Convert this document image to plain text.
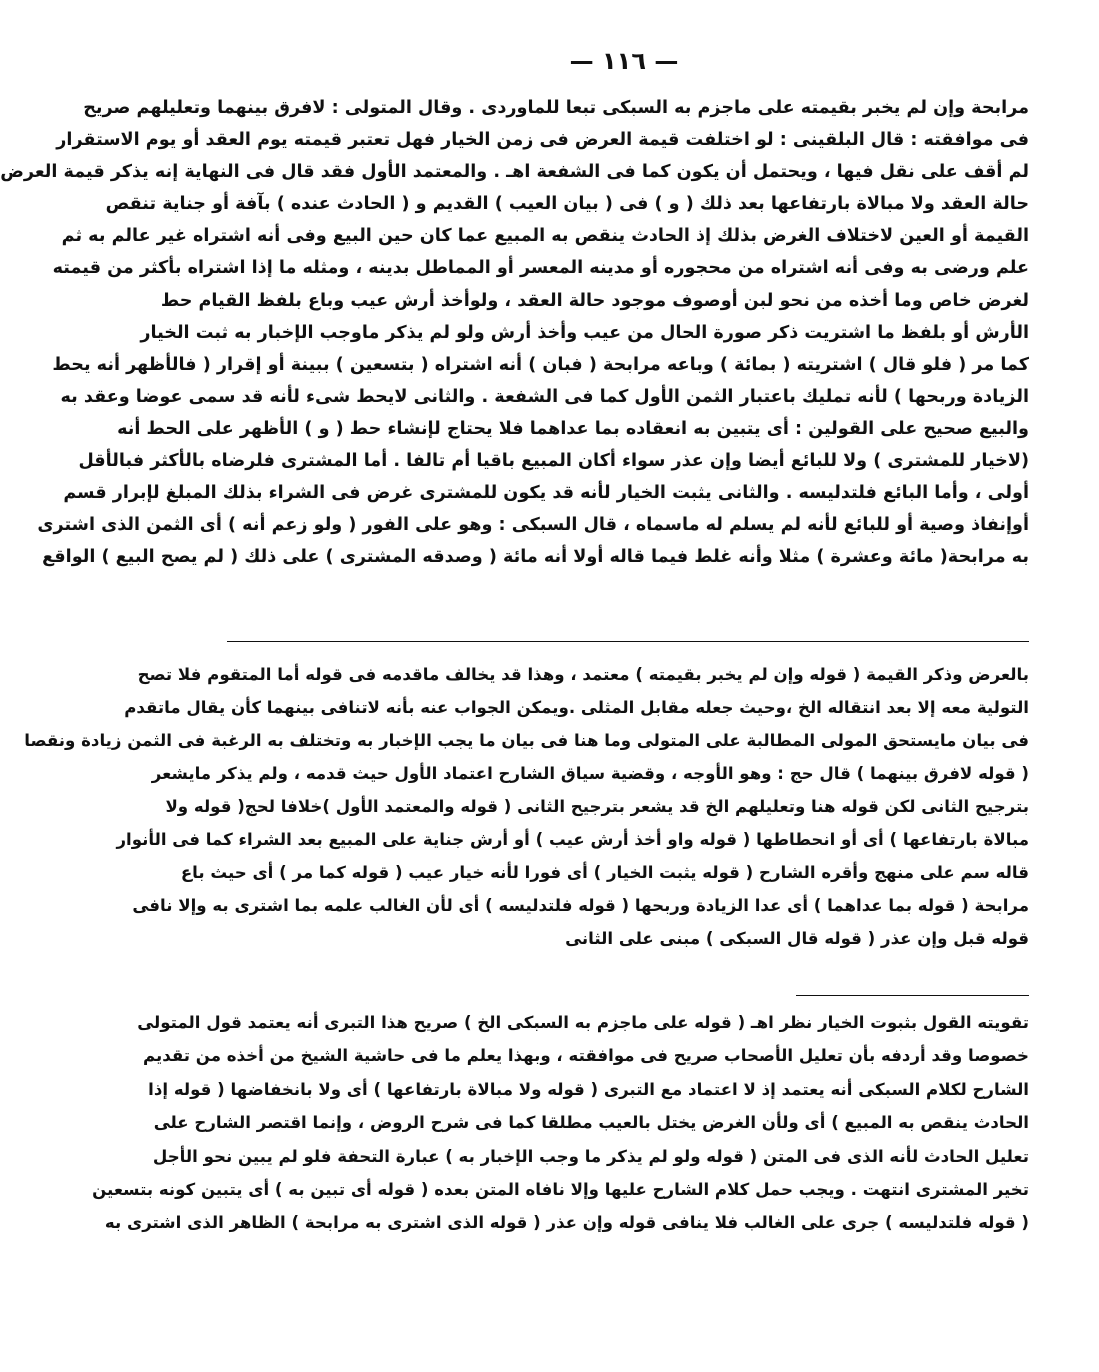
— ١١٦ —
مرابحة وإن لم يخبر بقيمته على ماجزم به السبكى تبعا للماوردى . وقال المتولى : لافرق بينهما وتعليلهم صريح
فى موافقته : قال البلقينى : لو اختلفت قيمة العرض فى زمن الخيار فهل تعتبر قيمته يوم العقد أو يوم الاستقرار
لم أقف على نقل فيها ، ويحتمل أن يكون كما فى الشفعة اهـ . والمعتمد الأول فقد قال فى النهاية إنه يذكر قيمة العرض
حالة العقد ولا مبالاة بارتفاعها بعد ذلك ( و ) فى ( بيان العيب ) القديم و ( الحادث عنده ) بآفة أو جناية تنقص
القيمة أو العين لاختلاف الغرض بذلك إذ الحادث ينقص به المبيع عما كان حين البيع وفى أنه اشتراه غير عالم به ثم
علم ورضى به وفى أنه اشتراه من محجوره أو مدينه المعسر أو المماطل بدينه ، ومثله ما إذا اشتراه بأكثر من قيمته
لغرض خاص وما أخذه من نحو لبن أوصوف موجود حالة العقد ، ولوأخذ أرش عيب وباع بلفظ القيام حط
الأرش أو بلفظ ما اشتريت ذكر صورة الحال من عيب وأخذ أرش ولو لم يذكر ماوجب الإخبار به ثبت الخيار
كما مر ( فلو قال ) اشتريته ( بمائة ) وباعه مرابحة ( فبان ) أنه اشتراه ( بتسعين ) ببينة أو إقرار ( فالأظهر أنه يحط
الزيادة وربحها ) لأنه تمليك باعتبار الثمن الأول كما فى الشفعة . والثانى لايحط شىء لأنه قد سمى عوضا وعقد به
والبيع صحيح على القولين : أى يتبين به انعقاده بما عداهما فلا يحتاج لإنشاء حط ( و ) الأظهر على الحط أنه
(لاخيار للمشترى ) ولا للبائع أيضا وإن عذر سواء أكان المبيع باقيا أم تالفا . أما المشترى فلرضاه بالأكثر فبالأقل
أولى ، وأما البائع فلتدليسه . والثانى يثبت الخيار لأنه قد يكون للمشترى غرض فى الشراء بذلك المبلغ لإبرار قسم
أوإنفاذ وصية أو للبائع لأنه لم يسلم له ماسماه ، قال السبكى : وهو على الفور ( ولو زعم أنه ) أى الثمن الذى اشترى
به مرابحة( مائة وعشرة ) مثلا وأنه غلط فيما قاله أولا أنه مائة ( وصدقه المشترى ) على ذلك ( لم يصح البيع ) الواقع
بالعرض وذكر القيمة ( قوله وإن لم يخبر بقيمته ) معتمد ، وهذا قد يخالف ماقدمه فى قوله أما المتقوم فلا تصح
التولية معه إلا بعد انتقاله الخ ،وحيث جعله مقابل المثلى .ويمكن الجواب عنه بأنه لاتنافى بينهما كأن يقال ماتقدم
فى بيان مايستحق المولى المطالبة على المتولى وما هنا فى بيان ما يجب الإخبار به وتختلف به الرغبة فى الثمن زيادة ونقصا
( قوله لافرق بينهما ) قال حج : وهو الأوجه ، وقضية سياق الشارح اعتماد الأول حيث قدمه ، ولم يذكر مايشعر
بترجيح الثانى لكن قوله هنا وتعليلهم الخ قد يشعر بترجيح الثانى ( قوله والمعتمد الأول )خلافا لحج( قوله ولا
مبالاة بارتفاعها ) أى أو انحطاطها ( قوله واو أخذ أرش عيب ) أو أرش جناية على المبيع بعد الشراء كما فى الأنوار
قاله سم على منهج وأقره الشارح ( قوله يثبت الخيار ) أى فورا لأنه خيار عيب ( قوله كما مر ) أى حيث باع
مرابحة ( قوله بما عداهما ) أى عدا الزيادة وربحها ( قوله فلتدليسه ) أى لأن الغالب علمه بما اشترى به وإلا نافى
قوله قبل وإن عذر ( قوله قال السبكى ) مبنى على الثانى
تقويته القول بثبوت الخيار نظر اهـ ( قوله على ماجزم به السبكى الخ ) صريح هذا التبرى أنه يعتمد قول المتولى
خصوصا وقد أردفه بأن تعليل الأصحاب صريح فى موافقته ، وبهذا يعلم ما فى حاشية الشيخ من أخذه من تقديم
الشارح لكلام السبكى أنه يعتمد إذ لا اعتماد مع التبرى ( قوله ولا مبالاة بارتفاعها ) أى ولا بانخفاضها ( قوله إذا
الحادث ينقص به المبيع ) أى ولأن الغرض يختل بالعيب مطلقا كما فى شرح الروض ، وإنما اقتصر الشارح على
تعليل الحادث لأنه الذى فى المتن ( قوله ولو لم يذكر ما وجب الإخبار به ) عبارة التحفة فلو لم يبين نحو الأجل
تخير المشترى انتهت . ويجب حمل كلام الشارح عليها وإلا نافاه المتن بعده ( قوله أى تبين به ) أى يتبين كونه بتسعين
( قوله فلتدليسه ) جرى على الغالب فلا ينافى قوله وإن عذر ( قوله الذى اشترى به مرابحة ) الظاهر الذى اشترى به
